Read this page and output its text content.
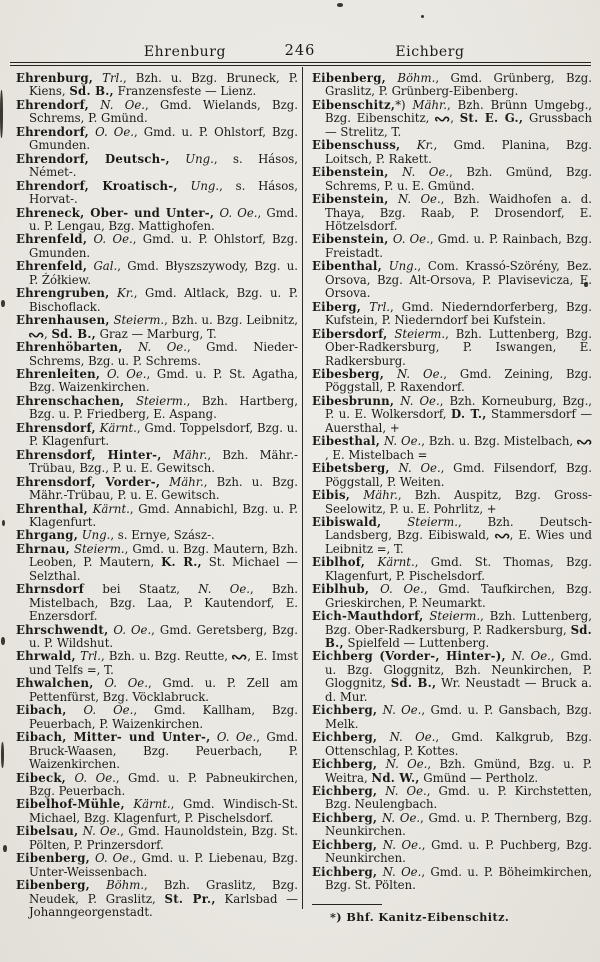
Ehrenburg	246	Eichberg
Ehrenburg, Trl., Bzh. u. Bzg. Bruneck, P. Kiens, Sd. B., Franzensfeste — Lienz.
Ehrendorf, N. Oe., Gmd. Wielands, Bzg. Schrems, P. Gmünd.
Ehrendorf, O. Oe., Gmd. u. P. Ohlstorf, Bzg. Gmunden.
Ehrendorf, Deutsch-, Ung., s. Hásos, Német-.
Ehrendorf, Kroatisch-, Ung., s. Hásos, Horvat-.
Ehreneck, Ober- und Unter-, O. Oe., Gmd. u. P. Lengau, Bzg. Mattighofen.
Ehrenfeld, O. Oe., Gmd. u. P. Ohlstorf, Bzg. Gmunden.
Ehrenfeld, Gal., Gmd. Błyszszywody, Bzg. u. P. Żółkiew.
Ehrengruben, Kr., Gmd. Altlack, Bzg. u. P. Bischoflack.
Ehrenhausen, Steierm., Bzh. u. Bzg. Leibnitz,
, Sd. B., Graz — Marburg, T.
Ehrenhöbarten, N. Oe., Gmd. Nieder-Schrems, Bzg. u. P. Schrems.
Ehrenleiten, O. Oe., Gmd. u. P. St. Agatha, Bzg. Waizenkirchen.
Ehrenschachen, Steierm., Bzh. Hartberg, Bzg. u. P. Friedberg, E. Aspang.
Ehrensdorf, Kärnt., Gmd. Toppelsdorf, Bzg. u. P. Klagenfurt.
Ehrensdorf, Hinter-, Mähr., Bzh. Mähr.-Trübau, Bzg., P. u. E. Gewitsch.
Ehrensdorf, Vorder-, Mähr., Bzh. u. Bzg. Mähr.-Trübau, P. u. E. Gewitsch.
Ehrenthal, Kärnt., Gmd. Annabichl, Bzg. u. P. Klagenfurt.
Ehrgang, Ung., s. Ernye, Szász-.
Ehrnau, Steierm., Gmd. u. Bzg. Mautern, Bzh. Leoben, P. Mautern, K. R., St. Michael — Selzthal.
Ehrnsdorf bei Staatz, N. Oe., Bzh. Mistelbach, Bzg. Laa, P. Kautendorf, E. Enzersdorf.
Ehrschwendt, O. Oe., Gmd. Geretsberg, Bzg. u. P. Wildshut.
Ehrwald, Trl., Bzh. u. Bzg. Reutte,
, E. Imst und Telfs =, T.
Ehwalchen, O. Oe., Gmd. u. P. Zell am Pettenfürst, Bzg. Vöcklabruck.
Eibach, O. Oe., Gmd. Kallham, Bzg. Peuerbach, P. Waizenkirchen.
Eibach, Mitter- und Unter-, O. Oe., Gmd. Bruck-Waasen, Bzg. Peuerbach, P. Waizenkirchen.
Eibeck, O. Oe., Gmd. u. P. Pabneukirchen, Bzg. Peuerbach.
Eibelhof-Mühle, Kärnt., Gmd. Windisch-St. Michael, Bzg. Klagenfurt, P. Pischelsdorf.
Eibelsau, N. Oe., Gmd. Haunoldstein, Bzg. St. Pölten, P. Prinzersdorf.
Eibenberg, O. Oe., Gmd. u. P. Liebenau, Bzg. Unter-Weissenbach.
Eibenberg, Böhm., Bzh. Graslitz, Bzg. Neudek, P. Graslitz, St. Pr., Karlsbad — Johanngeorgenstadt.
Eibenberg, Böhm., Gmd. Grünberg, Bzg. Graslitz, P. Grünberg-Eibenberg.
Eibenschitz,*) Mähr., Bzh. Brünn Umgebg., Bzg. Eibenschitz,
, St. E. G., Grussbach — Strelitz, T.
Eibenschuss, Kr., Gmd. Planina, Bzg. Loitsch, P. Rakett.
Eibenstein, N. Oe., Bzh. Gmünd, Bzg. Schrems, P. u. E. Gmünd.
Eibenstein, N. Oe., Bzh. Waidhofen a. d. Thaya, Bzg. Raab, P. Drosendorf, E. Hötzelsdorf.
Eibenstein, O. Oe., Gmd. u. P. Rainbach, Bzg. Freistadt.
Eibenthal, Ung., Com. Krassó-Szörény, Bez. Orsova, Bzg. Alt-Orsova, P. Plavisevicza, E. Orsova.
Eiberg, Trl., Gmd. Niederndorferberg, Bzg. Kufstein, P. Niederndorf bei Kufstein.
Eibersdorf, Steierm., Bzh. Luttenberg, Bzg. Ober-Radkersburg, P. Iswangen, E. Radkersburg.
Eibesberg, N. Oe., Gmd. Zeining, Bzg. Pöggstall, P. Raxendorf.
Eibesbrunn, N. Oe., Bzh. Korneuburg, Bzg., P. u. E. Wolkersdorf, D. T., Stammersdorf — Auersthal, +
Eibesthal, N. Oe., Bzh. u. Bzg. Mistelbach,
, E. Mistelbach =
Eibetsberg, N. Oe., Gmd. Filsendorf, Bzg. Pöggstall, P. Weiten.
Eibis, Mähr., Bzh. Auspitz, Bzg. Gross-Seelowitz, P. u. E. Pohrlitz, +
Eibiswald, Steierm., Bzh. Deutsch-Landsberg, Bzg. Eibiswald,
, E. Wies und Leibnitz =, T.
Eiblhof, Kärnt., Gmd. St. Thomas, Bzg. Klagenfurt, P. Pischelsdorf.
Eiblhub, O. Oe., Gmd. Taufkirchen, Bzg. Grieskirchen, P. Neumarkt.
Eich-Mauthdorf, Steierm., Bzh. Luttenberg, Bzg. Ober-Radkersburg, P. Radkersburg, Sd. B., Spielfeld — Luttenberg.
Eichberg (Vorder-, Hinter-), N. Oe., Gmd. u. Bzg. Gloggnitz, Bzh. Neunkirchen, P. Gloggnitz, Sd. B., Wr. Neustadt — Bruck a. d. Mur.
Eichberg, N. Oe., Gmd. u. P. Gansbach, Bzg. Melk.
Eichberg, N. Oe., Gmd. Kalkgrub, Bzg. Ottenschlag, P. Kottes.
Eichberg, N. Oe., Bzh. Gmünd, Bzg. u. P. Weitra, Nd. W., Gmünd — Pertholz.
Eichberg, N. Oe., Gmd. u. P. Kirchstetten, Bzg. Neulengbach.
Eichberg, N. Oe., Gmd. u. P. Thernberg, Bzg. Neunkirchen.
Eichberg, N. Oe., Gmd. u. P. Puchberg, Bzg. Neunkirchen.
Eichberg, N. Oe., Gmd. u. P. Böheimkirchen, Bzg. St. Pölten.
*) Bhf. Kanitz-Eibenschitz.
